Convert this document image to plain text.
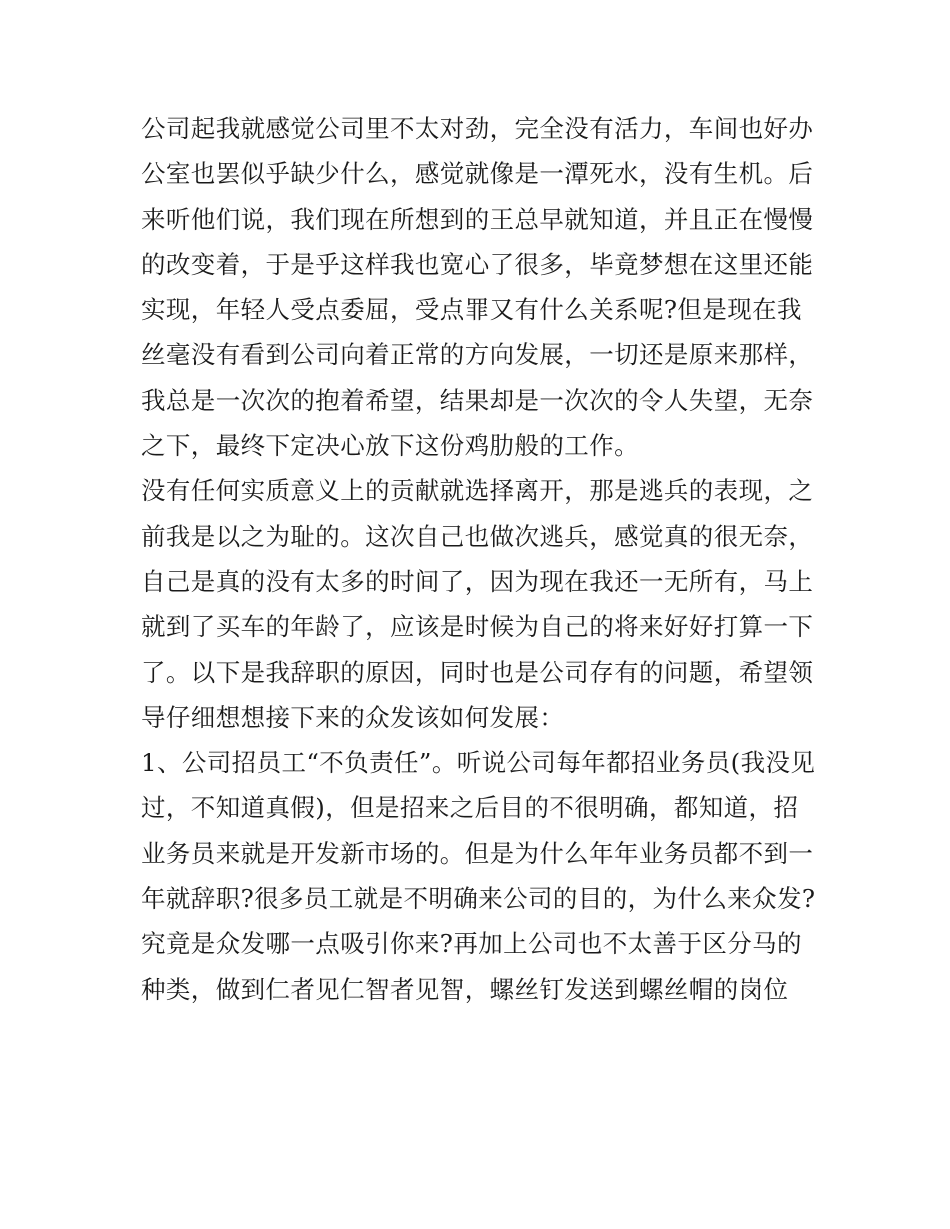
公司起我就感觉公司里不太对劲，完全没有活力，车间也好办
公室也罢似乎缺少什么，感觉就像是一潭死水，没有生机。后
来听他们说，我们现在所想到的王总早就知道，并且正在慢慢
的改变着，于是乎这样我也宽心了很多，毕竟梦想在这里还能
实现，年轻人受点委屈，受点罪又有什么关系呢?但是现在我
丝毫没有看到公司向着正常的方向发展，一切还是原来那样，
我总是一次次的抱着希望，结果却是一次次的令人失望，无奈
之下，最终下定决心放下这份鸡肋般的工作。
没有任何实质意义上的贡献就选择离开，那是逃兵的表现，之
前我是以之为耻的。这次自己也做次逃兵，感觉真的很无奈，
自己是真的没有太多的时间了，因为现在我还一无所有，马上
就到了买车的年龄了，应该是时候为自己的将来好好打算一下
了。以下是我辞职的原因，同时也是公司存有的问题，希望领
导仔细想想接下来的众发该如何发展：
1、公司招员工“不负责任”。听说公司每年都招业务员(我没见
过，不知道真假)，但是招来之后目的不很明确，都知道，招
业务员来就是开发新市场的。但是为什么年年业务员都不到一
年就辞职?很多员工就是不明确来公司的目的，为什么来众发?
究竟是众发哪一点吸引你来?再加上公司也不太善于区分马的
种类，做到仁者见仁智者见智，螺丝钉发送到螺丝帽的岗位
